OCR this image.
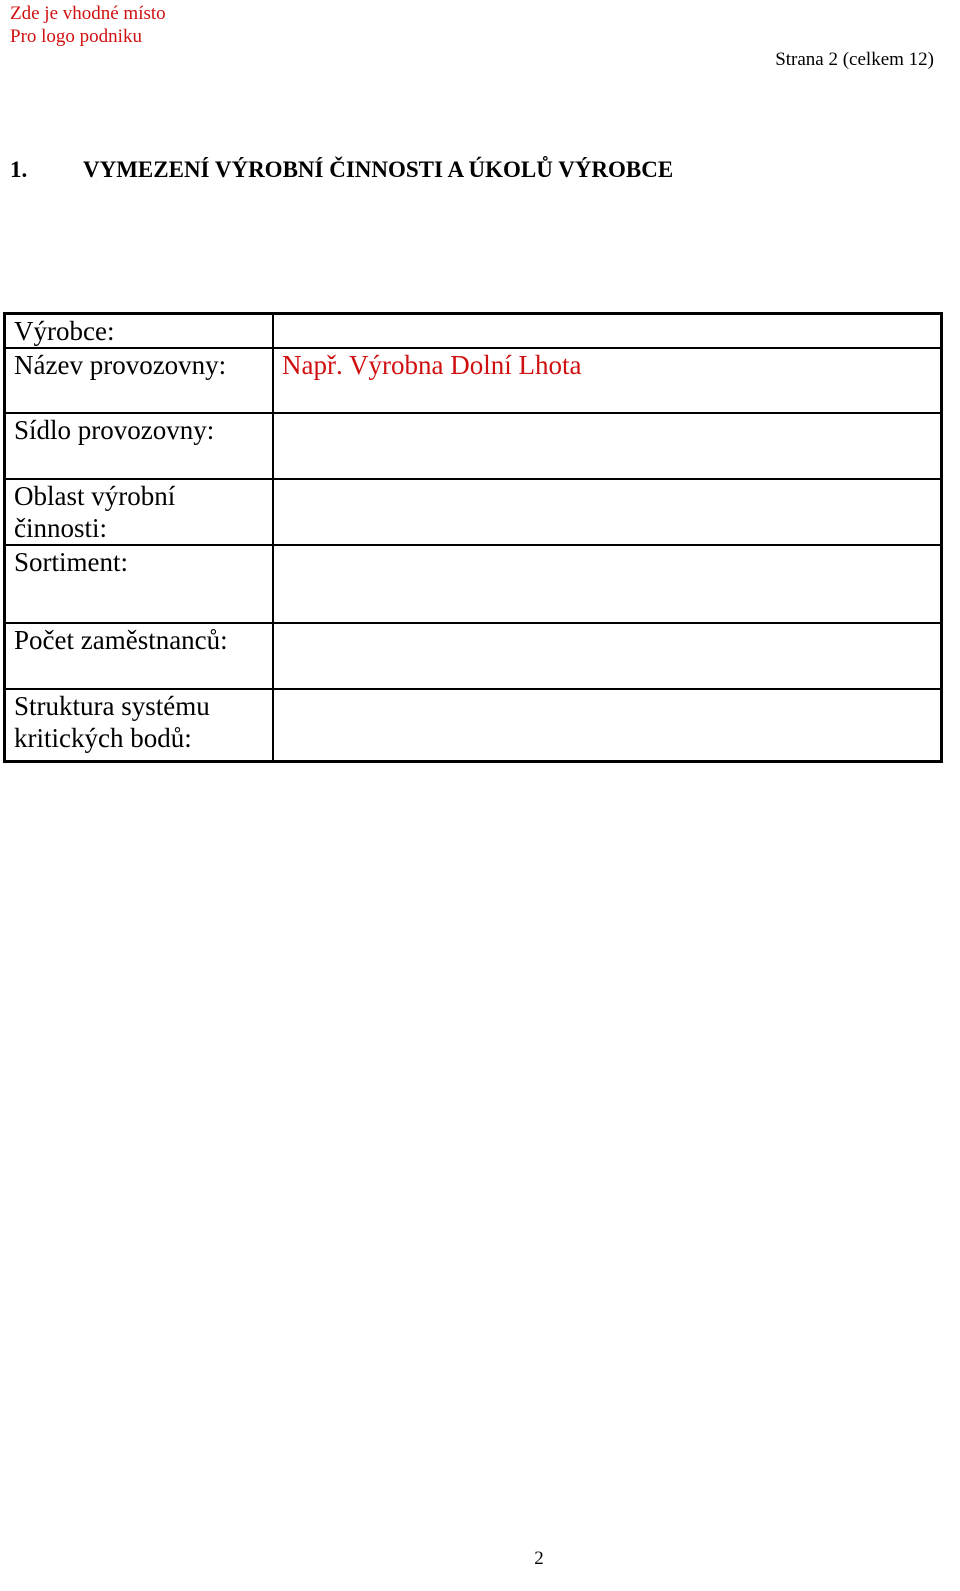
Zde je vhodné místo
Pro logo podniku
Strana 2 (celkem 12)
1. VYMEZENÍ VÝROBNÍ ČINNOSTI A ÚKOLŮ VÝROBCE
Výrobce:	
Název provozovny:	Např. Výrobna Dolní Lhota
Sídlo provozovny:	

Oblast výrobní
činnosti:	

Sortiment:	
Počet zaměstnanců:	

Struktura systému
kritických bodů:	

2
